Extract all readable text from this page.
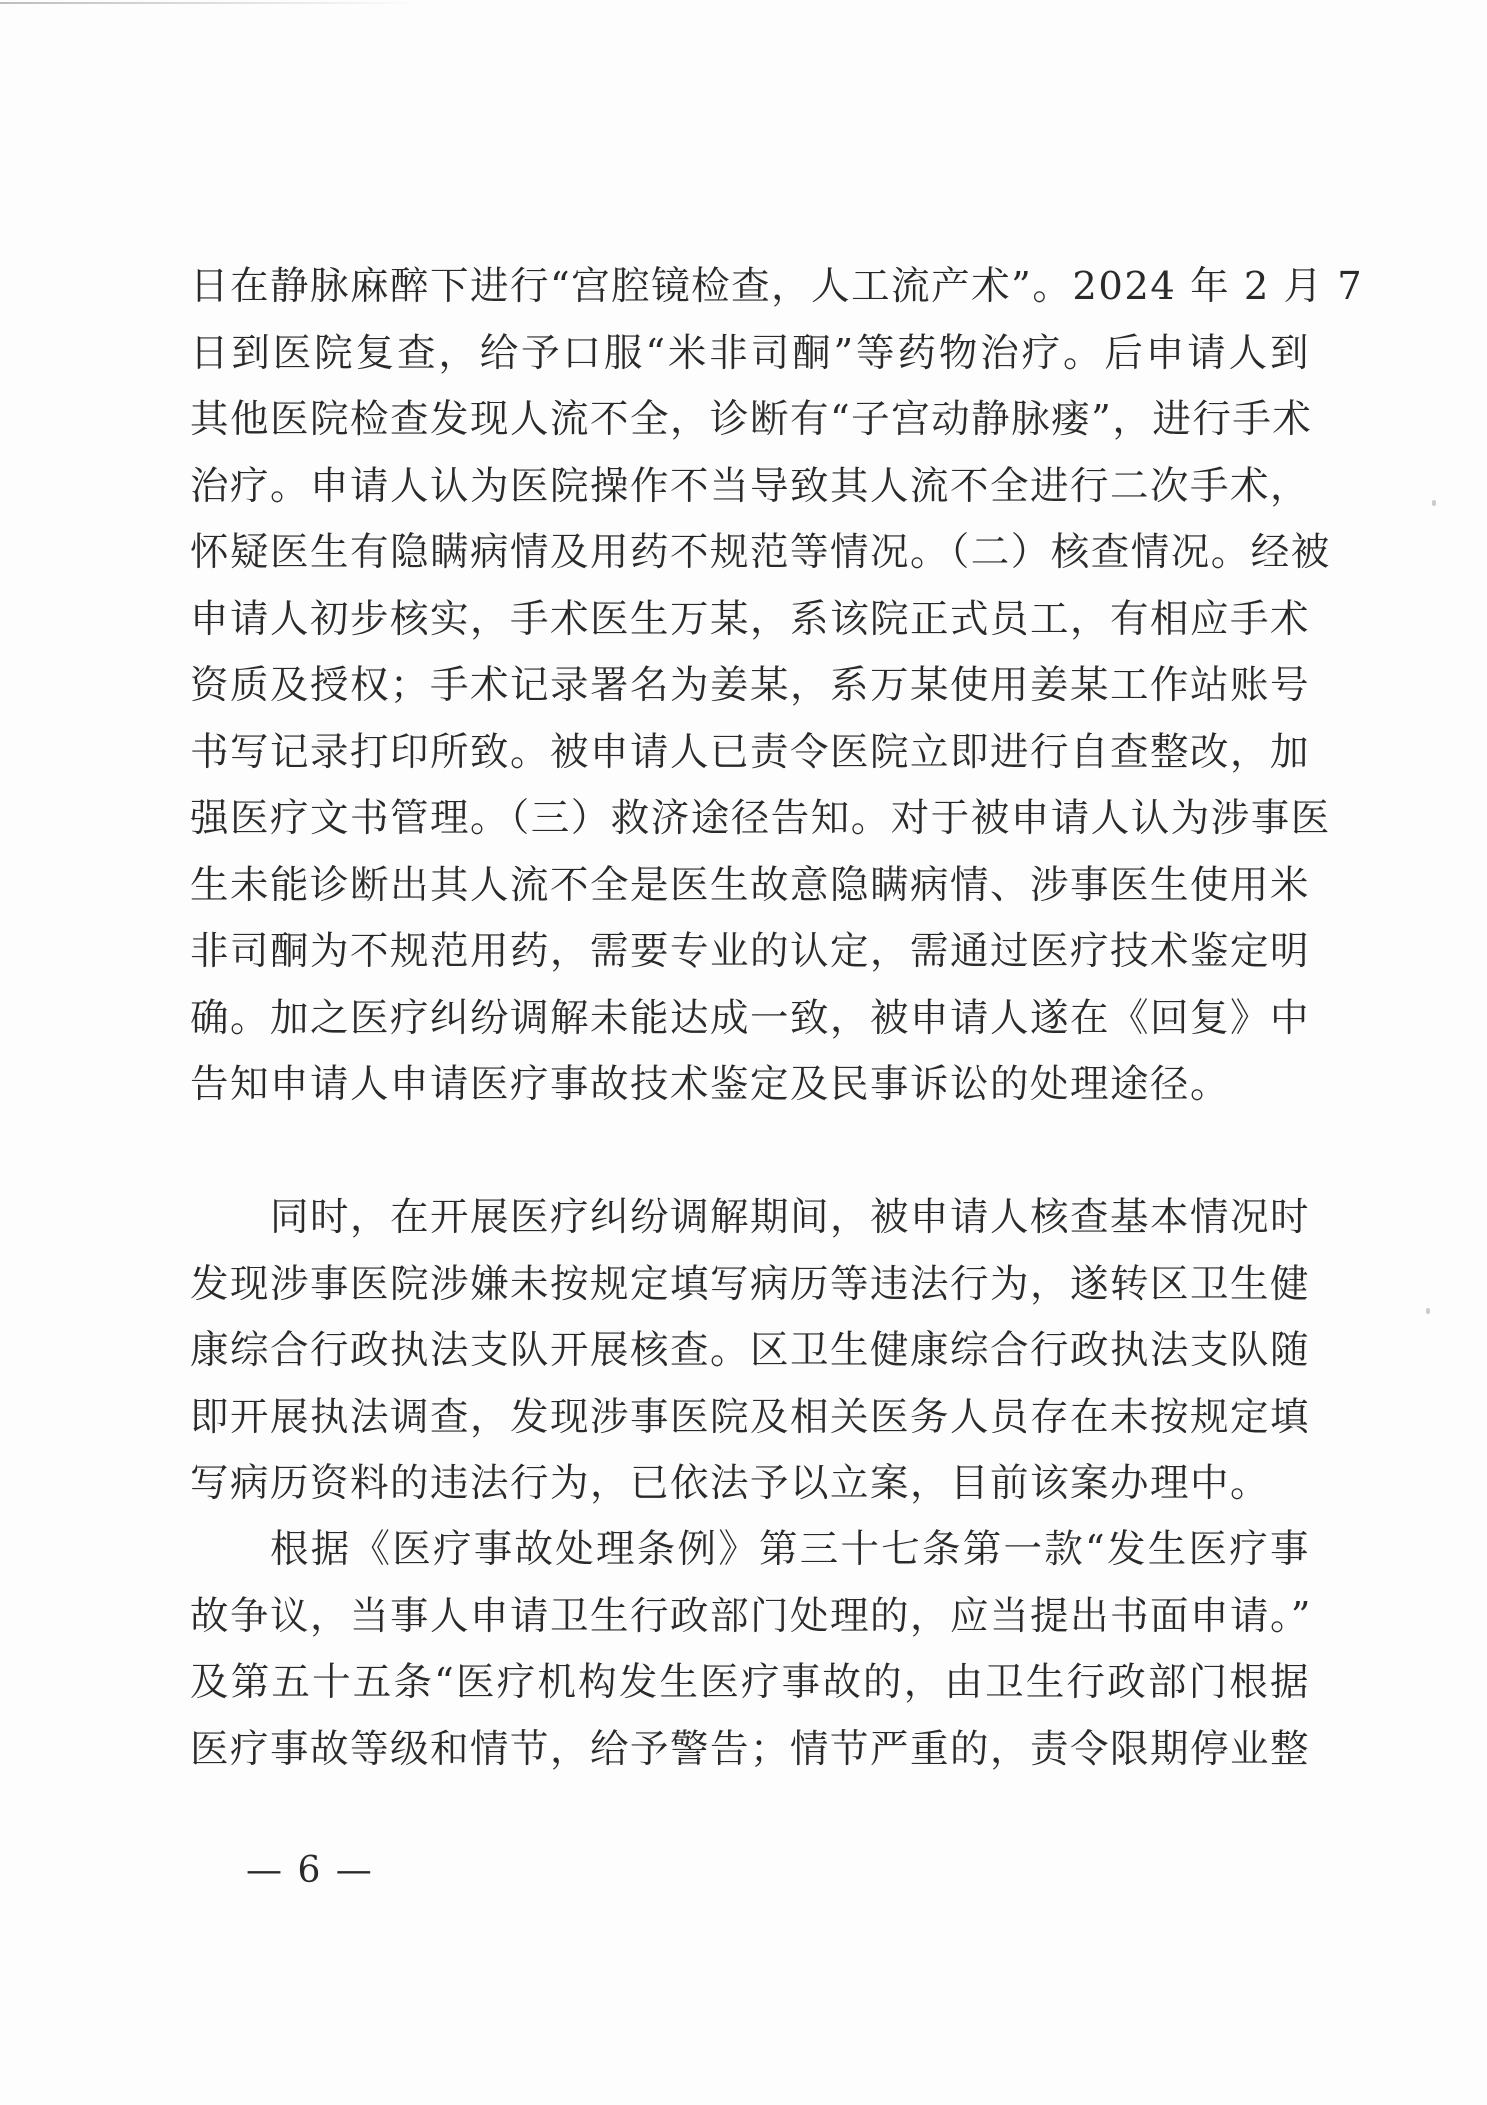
日在静脉麻醉下进行“宫腔镜检查，人工流产术”。2024 年 2 月 7
日到医院复查，给予口服“米非司酮”等药物治疗。后申请人到
其他医院检查发现人流不全，诊断有“子宫动静脉瘘”，进行手术
治疗。申请人认为医院操作不当导致其人流不全进行二次手术，
怀疑医生有隐瞒病情及用药不规范等情况。（二）核查情况。经被
申请人初步核实，手术医生万某，系该院正式员工，有相应手术
资质及授权；手术记录署名为姜某，系万某使用姜某工作站账号
书写记录打印所致。被申请人已责令医院立即进行自查整改，加
强医疗文书管理。（三）救济途径告知。对于被申请人认为涉事医
生未能诊断出其人流不全是医生故意隐瞒病情、涉事医生使用米
非司酮为不规范用药，需要专业的认定，需通过医疗技术鉴定明
确。加之医疗纠纷调解未能达成一致，被申请人遂在《回复》中
告知申请人申请医疗事故技术鉴定及民事诉讼的处理途径。
同时，在开展医疗纠纷调解期间，被申请人核查基本情况时
发现涉事医院涉嫌未按规定填写病历等违法行为，遂转区卫生健
康综合行政执法支队开展核查。区卫生健康综合行政执法支队随
即开展执法调查，发现涉事医院及相关医务人员存在未按规定填
写病历资料的违法行为，已依法予以立案，目前该案办理中。
根据《医疗事故处理条例》第三十七条第一款“发生医疗事
故争议，当事人申请卫生行政部门处理的，应当提出书面申请。”
及第五十五条“医疗机构发生医疗事故的，由卫生行政部门根据
医疗事故等级和情节，给予警告；情节严重的，责令限期停业整
— 6 —
